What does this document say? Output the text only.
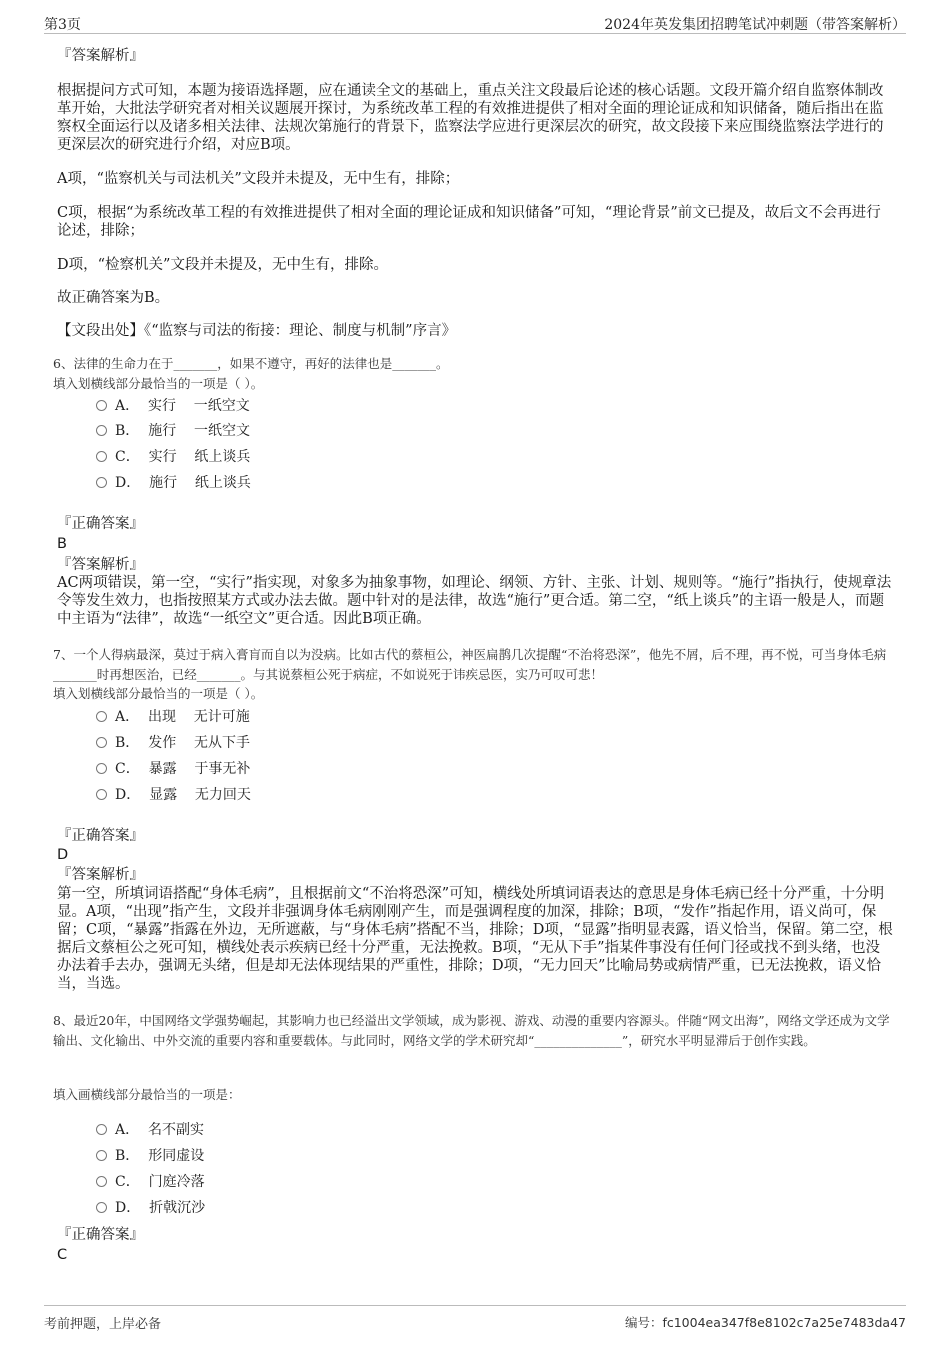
第3页	2024年英发集团招聘笔试冲刺题（带答案解析）
『答案解析』
根据提问方式可知，本题为接语选择题，应在通读全文的基础上，重点关注文段最后论述的核心话题。文段开篇介绍自监察体制改革开始，大批法学研究者对相关议题展开探讨，为系统改革工程的有效推进提供了相对全面的理论证成和知识储备，随后指出在监察权全面运行以及诸多相关法律、法规次第施行的背景下，监察法学应进行更深层次的研究，故文段接下来应围绕监察法学进行的更深层次的研究进行介绍，对应B项。
A项，“监察机关与司法机关”文段并未提及，无中生有，排除；
C项，根据“为系统改革工程的有效推进提供了相对全面的理论证成和知识储备”可知，“理论背景”前文已提及，故后文不会再进行论述，排除；
D项，“检察机关”文段并未提及，无中生有，排除。
故正确答案为B。
【文段出处】《“监察与司法的衔接：理论、制度与机制”序言》
6、法律的生命力在于_______，如果不遵守，再好的法律也是_______。
填入划横线部分最恰当的一项是（ ）。
A．  实行    一纸空文
B．  施行    一纸空文
C．  实行    纸上谈兵
D．  施行    纸上谈兵
『正确答案』
B
『答案解析』
AC两项错误，第一空，“实行”指实现，对象多为抽象事物，如理论、纲领、方针、主张、计划、规则等。“施行”指执行，使规章法令等发生效力，也指按照某方式或办法去做。题中针对的是法律，故选“施行”更合适。第二空，“纸上谈兵”的主语一般是人，而题中主语为“法律”，故选“一纸空文”更合适。因此B项正确。
7、一个人得病最深，莫过于病入膏肓而自以为没病。比如古代的蔡桓公，神医扁鹊几次提醒“不治将恐深”，他先不屑，后不理，再不悦，可当身体毛病_______时再想医治，已经_______。与其说蔡桓公死于病症，不如说死于讳疾忌医，实乃可叹可悲！
填入划横线部分最恰当的一项是（ ）。
A．  出现    无计可施
B．  发作    无从下手
C．  暴露    于事无补
D．  显露    无力回天
『正确答案』
D
『答案解析』
第一空，所填词语搭配“身体毛病”，且根据前文“不治将恐深”可知，横线处所填词语表达的意思是身体毛病已经十分严重，十分明显。A项，“出现”指产生，文段并非强调身体毛病刚刚产生，而是强调程度的加深，排除；B项，“发作”指起作用，语义尚可，保留；C项，“暴露”指露在外边，无所遮蔽，与“身体毛病”搭配不当，排除；D项，“显露”指明显表露，语义恰当，保留。第二空，根据后文蔡桓公之死可知，横线处表示疾病已经十分严重，无法挽救。B项，“无从下手”指某件事没有任何门径或找不到头绪，也没办法着手去办，强调无头绪，但是却无法体现结果的严重性，排除；D项，“无力回天”比喻局势或病情严重，已无法挽救，语义恰当，当选。
8、最近20年，中国网络文学强势崛起，其影响力也已经溢出文学领域，成为影视、游戏、动漫的重要内容源头。伴随“网文出海”，网络文学还成为文学输出、文化输出、中外交流的重要内容和重要载体。与此同时，网络文学的学术研究却“______________”，研究水平明显滞后于创作实践。
填入画横线部分最恰当的一项是：
A．  名不副实
B．  形同虚设
C．  门庭冷落
D．  折戟沉沙
『正确答案』
C
考前押题，上岸必备	编号：fc1004ea347f8e8102c7a25e7483da47
